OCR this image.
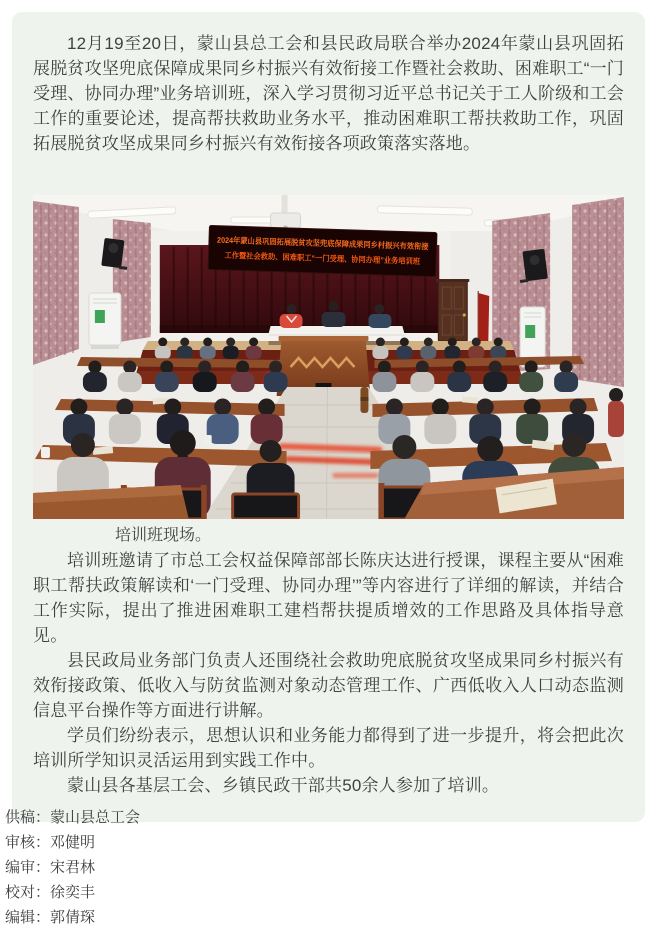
12月19至20日，蒙山县总工会和县民政局联合举办2024年蒙山县巩固拓展脱贫攻坚兜底保障成果同乡村振兴有效衔接工作暨社会救助、困难职工“一门受理、协同办理”业务培训班，深入学习贯彻习近平总书记关于工人阶级和工会工作的重要论述，提高帮扶救助业务水平，推动困难职工帮扶救助工作，巩固拓展脱贫攻坚成果同乡村振兴有效衔接各项政策落实落地。

2024年蒙山县巩固拓展脱贫攻坚兜底保障成果同乡村振兴有效衔接
工作暨社会救助、困难职工“一门受理、协同办理”业务培训班

培训班现场。

培训班邀请了市总工会权益保障部部长陈庆达进行授课，课程主要从“困难职工帮扶政策解读和‘一门受理、协同办理’”等内容进行了详细的解读，并结合工作实际，提出了推进困难职工建档帮扶提质增效的工作思路及具体指导意见。

县民政局业务部门负责人还围绕社会救助兜底脱贫攻坚成果同乡村振兴有效衔接政策、低收入与防贫监测对象动态管理工作、广西低收入人口动态监测信息平台操作等方面进行讲解。

学员们纷纷表示，思想认识和业务能力都得到了进一步提升，将会把此次培训所学知识灵活运用到实践工作中。

蒙山县各基层工会、乡镇民政干部共50余人参加了培训。

供稿：蒙山县总工会

审核：邓健明

编审：宋君林

校对：徐奕丰

编辑：郭倩琛
